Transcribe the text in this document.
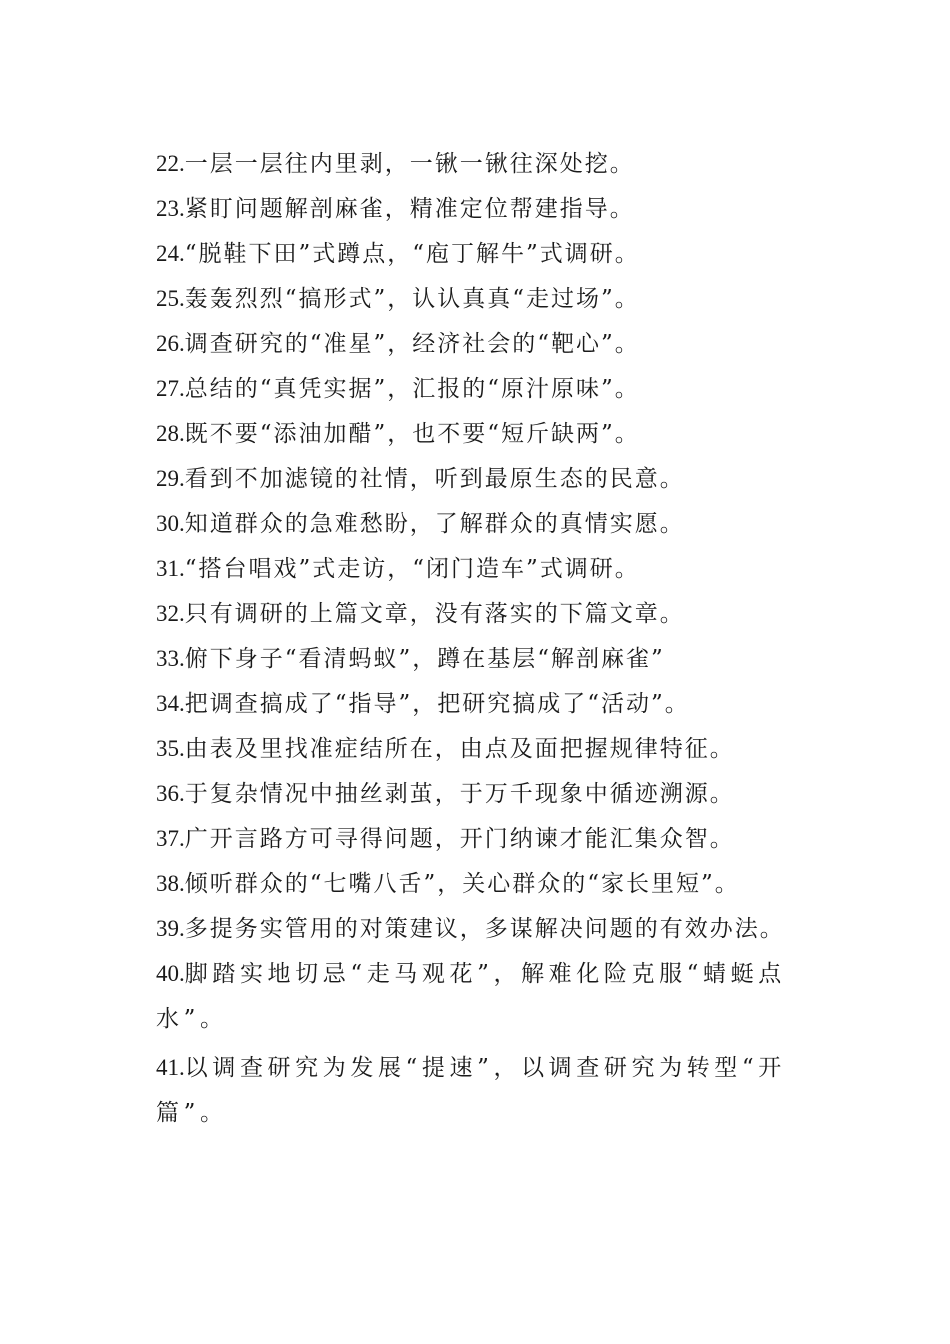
22.一层一层往内里剥，一锹一锹往深处挖。

23.紧盯问题解剖麻雀，精准定位帮建指导。

24.“脱鞋下田”式蹲点，“庖丁解牛”式调研。

25.轰轰烈烈“搞形式”，认认真真“走过场”。

26.调查研究的“准星”，经济社会的“靶心”。

27.总结的“真凭实据”，汇报的“原汁原味”。

28.既不要“添油加醋”，也不要“短斤缺两”。

29.看到不加滤镜的社情，听到最原生态的民意。

30.知道群众的急难愁盼，了解群众的真情实愿。

31.“搭台唱戏”式走访，“闭门造车”式调研。

32.只有调研的上篇文章，没有落实的下篇文章。

33.俯下身子“看清蚂蚁”，蹲在基层“解剖麻雀”

34.把调查搞成了“指导”，把研究搞成了“活动”。

35.由表及里找准症结所在，由点及面把握规律特征。

36.于复杂情况中抽丝剥茧，于万千现象中循迹溯源。

37.广开言路方可寻得问题，开门纳谏才能汇集众智。

38.倾听群众的“七嘴八舌”，关心群众的“家长里短”。

39.多提务实管用的对策建议，多谋解决问题的有效办法。

40.脚踏实地切忌“走马观花”，解难化险克服“蜻蜓点水”。

41.以调查研究为发展“提速”，以调查研究为转型“开篇”。
